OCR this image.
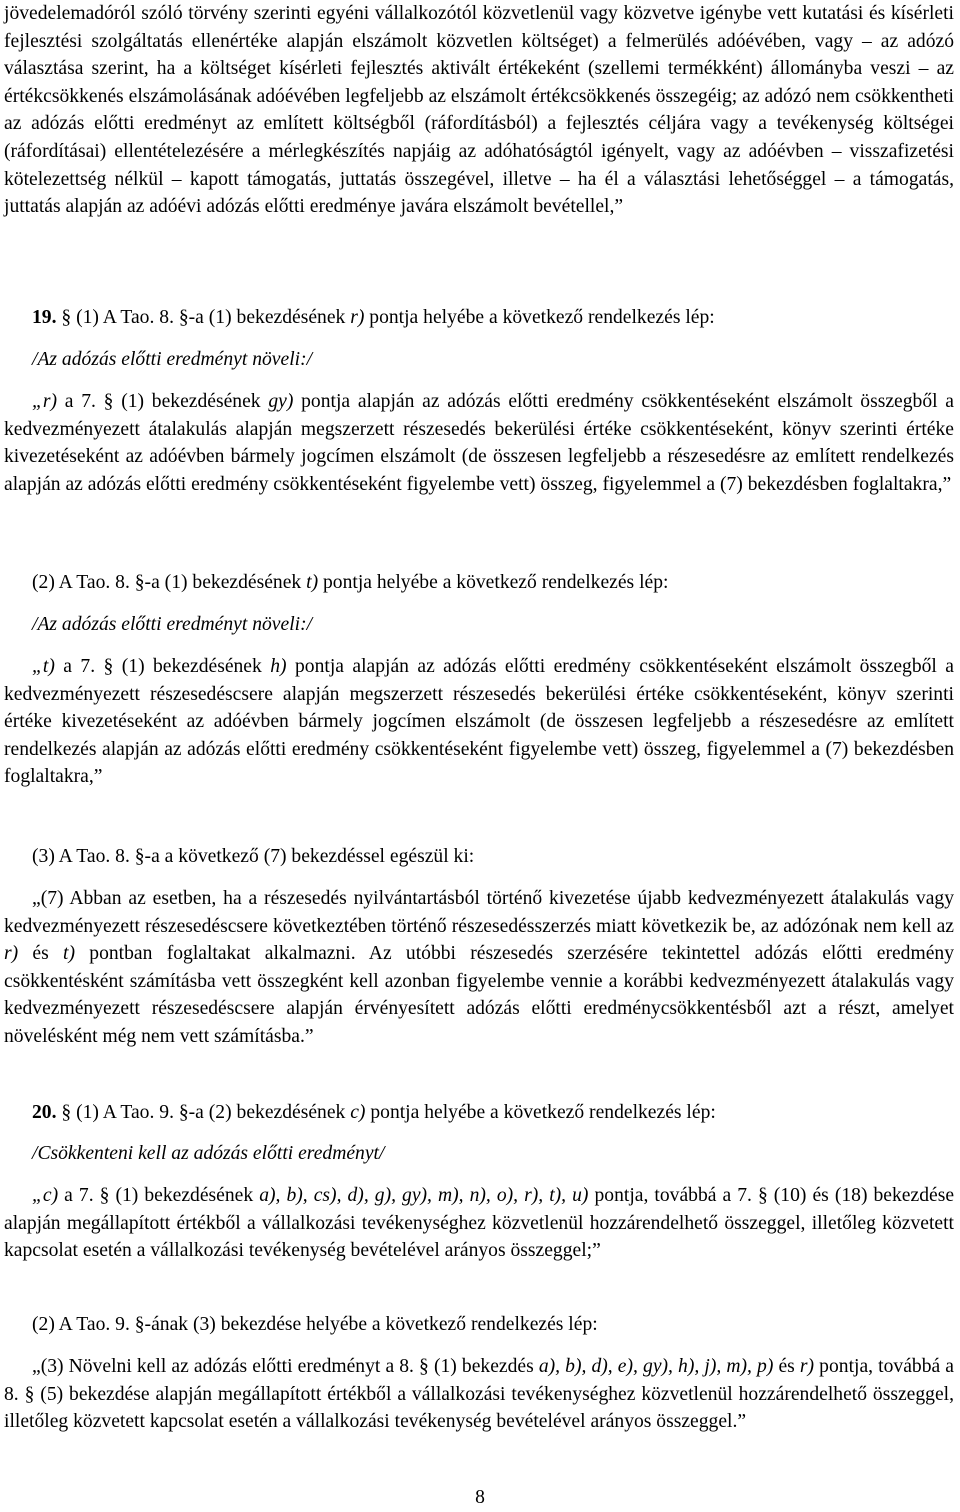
jövedelemadóról szóló törvény szerinti egyéni vállalkozótól közvetlenül vagy közvetve igénybe vett kutatási és kísérleti fejlesztési szolgáltatás ellenértéke alapján elszámolt közvetlen költséget) a felmerülés adóévében, vagy – az adózó választása szerint, ha a költséget kísérleti fejlesztés aktivált értékeként (szellemi termékként) állományba veszi – az értékcsökkenés elszámolásának adóévében legfeljebb az elszámolt értékcsökkenés összegéig; az adózó nem csökkentheti az adózás előtti eredményt az említett költségből (ráfordításból) a fejlesztés céljára vagy a tevékenység költségei (ráfordításai) ellentételezésére a mérlegkészítés napjáig az adóhatóságtól igényelt, vagy az adóévben – visszafizetési kötelezettség nélkül – kapott támogatás, juttatás összegével, illetve – ha él a választási lehetőséggel – a támogatás, juttatás alapján az adóévi adózás előtti eredménye javára elszámolt bevétellel,”

19. § (1) A Tao. 8. §-a (1) bekezdésének r) pontja helyébe a következő rendelkezés lép:

/Az adózás előtti eredményt növeli:/

„r) a 7. § (1) bekezdésének gy) pontja alapján az adózás előtti eredmény csökkentéseként elszámolt összegből a kedvezményezett átalakulás alapján megszerzett részesedés bekerülési értéke csökkentéseként, könyv szerinti értéke kivezetéseként az adóévben bármely jogcímen elszámolt (de összesen legfeljebb a részesedésre az említett rendelkezés alapján az adózás előtti eredmény csökkentéseként figyelembe vett) összeg, figyelemmel a (7) bekezdésben foglaltakra,”

(2) A Tao. 8. §-a (1) bekezdésének t) pontja helyébe a következő rendelkezés lép:

/Az adózás előtti eredményt növeli:/

„t) a 7. § (1) bekezdésének h) pontja alapján az adózás előtti eredmény csökkentéseként elszámolt összegből a kedvezményezett részesedéscsere alapján megszerzett részesedés bekerülési értéke csökkentéseként, könyv szerinti értéke kivezetéseként az adóévben bármely jogcímen elszámolt (de összesen legfeljebb a részesedésre az említett rendelkezés alapján az adózás előtti eredmény csökkentéseként figyelembe vett) összeg, figyelemmel a (7) bekezdésben foglaltakra,”

(3) A Tao. 8. §-a a következő (7) bekezdéssel egészül ki:

„(7) Abban az esetben, ha a részesedés nyilvántartásból történő kivezetése újabb kedvezményezett átalakulás vagy kedvezményezett részesedéscsere következtében történő részesedésszerzés miatt következik be, az adózónak nem kell az r) és t) pontban foglaltakat alkalmazni. Az utóbbi részesedés szerzésére tekintettel adózás előtti eredmény csökkentésként számításba vett összegként kell azonban figyelembe vennie a korábbi kedvezményezett átalakulás vagy kedvezményezett részesedéscsere alapján érvényesített adózás előtti eredménycsökkentésből azt a részt, amelyet növelésként még nem vett számításba.”

20. § (1) A Tao. 9. §-a (2) bekezdésének c) pontja helyébe a következő rendelkezés lép:

/Csökkenteni kell az adózás előtti eredményt/

„c) a 7. § (1) bekezdésének a), b), cs), d), g), gy), m), n), o), r), t), u) pontja, továbbá a 7. § (10) és (18) bekezdése alapján megállapított értékből a vállalkozási tevékenységhez közvetlenül hozzárendelhető összeggel, illetőleg közvetett kapcsolat esetén a vállalkozási tevékenység bevételével arányos összeggel;”

(2) A Tao. 9. §-ának (3) bekezdése helyébe a következő rendelkezés lép:

„(3) Növelni kell az adózás előtti eredményt a 8. § (1) bekezdés a), b), d), e), gy), h), j), m), p) és r) pontja, továbbá a 8. § (5) bekezdése alapján megállapított értékből a vállalkozási tevékenységhez közvetlenül hozzárendelhető összeggel, illetőleg közvetett kapcsolat esetén a vállalkozási tevékenység bevételével arányos összeggel.”

8
